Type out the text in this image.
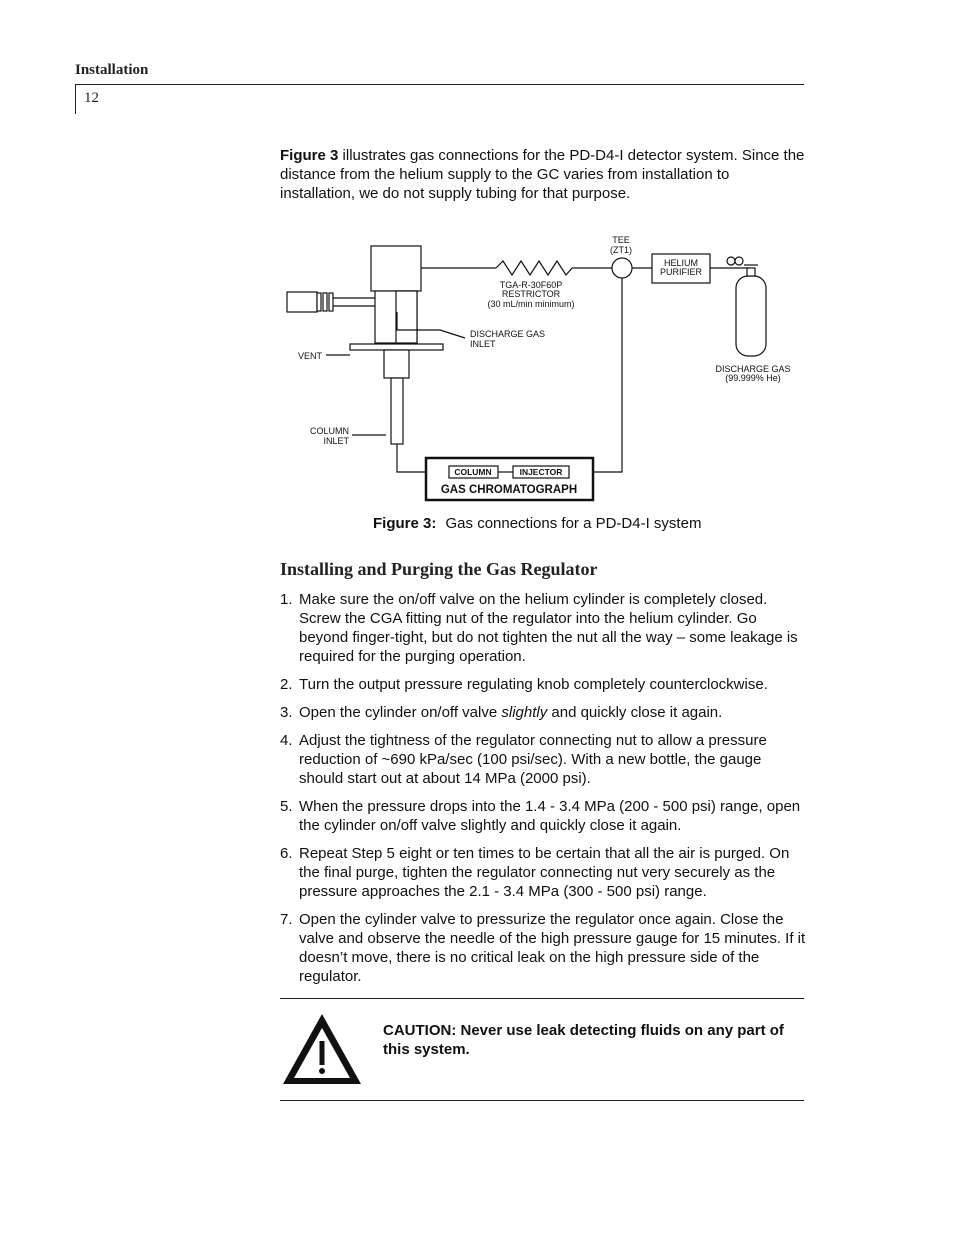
Installation
12

Figure 3 illustrates gas connections for the PD-D4-I detector system. Since the distance from the helium supply to the GC varies from installation to installation, we do not supply tubing for that purpose.

TEE
(ZT1)
HELIUM
PURIFIER
TGA-R-30F60P
RESTRICTOR
(30 mL/min minimum)
DISCHARGE GAS
INLET
VENT
DISCHARGE GAS
(99.999% He)
COLUMN
INLET
COLUMN	INJECTOR
GAS CHROMATOGRAPH
Figure 3: Gas connections for a PD-D4-I system
Installing and Purging the Gas Regulator
1. Make sure the on/off valve on the helium cylinder is completely closed. Screw the CGA fitting nut of the regulator into the helium cylinder. Go beyond finger-tight, but do not tighten the nut all the way – some leakage is required for the purging operation.
2. Turn the output pressure regulating knob completely counterclockwise.
3. Open the cylinder on/off valve slightly and quickly close it again.
4. Adjust the tightness of the regulator connecting nut to allow a pressure reduction of ~690 kPa/sec (100 psi/sec). With a new bottle, the gauge should start out at about 14 MPa (2000 psi).
5. When the pressure drops into the 1.4 - 3.4 MPa (200 - 500 psi) range, open the cylinder on/off valve slightly and quickly close it again.
6. Repeat Step 5 eight or ten times to be certain that all the air is purged. On the final purge, tighten the regulator connecting nut very securely as the pressure approaches the 2.1 - 3.4 MPa (300 - 500 psi) range.
7. Open the cylinder valve to pressurize the regulator once again. Close the valve and observe the needle of the high pressure gauge for 15 minutes. If it doesn’t move, there is no critical leak on the high pressure side of the regulator.

CAUTION: Never use leak detecting fluids on any part of this system.
